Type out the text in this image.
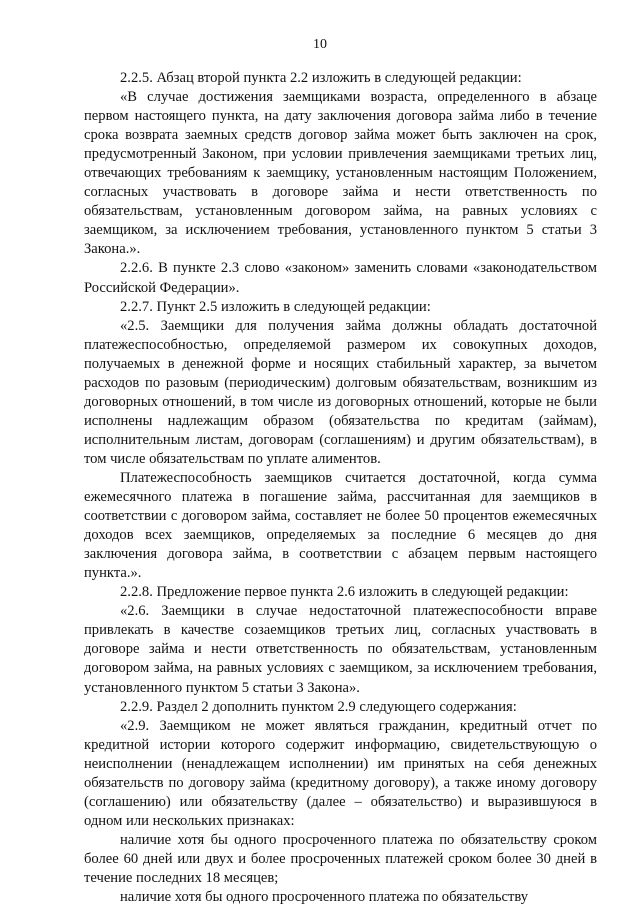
10

2.2.5. Абзац второй пункта 2.2 изложить в следующей редакции:

«В случае достижения заемщиками возраста, определенного в абзаце первом настоящего пункта, на дату заключения договора займа либо в течение срока возврата заемных средств договор займа может быть заключен на срок, предусмотренный Законом, при условии привлечения заемщиками третьих лиц, отвечающих требованиям к заемщику, установленным настоящим Положением, согласных участвовать в договоре займа и нести ответственность по обязательствам, установленным договором займа, на равных условиях с заемщиком, за исключением требования, установленного пунктом 5 статьи 3 Закона.».

2.2.6. В пункте 2.3 слово «законом» заменить словами «законодательством Российской Федерации».

2.2.7. Пункт 2.5 изложить в следующей редакции:

«2.5. Заемщики для получения займа должны обладать достаточной платежеспособностью, определяемой размером их совокупных доходов, получаемых в денежной форме и носящих стабильный характер, за вычетом расходов по разовым (периодическим) долговым обязательствам, возникшим из договорных отношений, в том числе из договорных отношений, которые не были исполнены надлежащим образом (обязательства по кредитам (займам), исполнительным листам, договорам (соглашениям) и другим обязательствам), в том числе обязательствам по уплате алиментов.

Платежеспособность заемщиков считается достаточной, когда сумма ежемесячного платежа в погашение займа, рассчитанная для заемщиков в соответствии с договором займа, составляет не более 50 процентов ежемесячных доходов всех заемщиков, определяемых за последние 6 месяцев до дня заключения договора займа, в соответствии с абзацем первым настоящего пункта.».

2.2.8. Предложение первое пункта 2.6 изложить в следующей редакции:

«2.6. Заемщики в случае недостаточной платежеспособности вправе привлекать в качестве созаемщиков третьих лиц, согласных участвовать в договоре займа и нести ответственность по обязательствам, установленным договором займа, на равных условиях с заемщиком, за исключением требования, установленного пунктом 5 статьи 3 Закона».

2.2.9. Раздел 2 дополнить пунктом 2.9 следующего содержания:

«2.9. Заемщиком не может являться гражданин, кредитный отчет по кредитной истории которого содержит информацию, свидетельствующую о неисполнении (ненадлежащем исполнении) им принятых на себя денежных обязательств по договору займа (кредитному договору), а также иному договору (соглашению) или обязательству (далее – обязательство) и выразившуюся в одном или нескольких признаках:

наличие хотя бы одного просроченного платежа по обязательству сроком более 60 дней или двух и более просроченных платежей сроком более 30 дней в течение последних 18 месяцев;

наличие хотя бы одного просроченного платежа по обязательству
